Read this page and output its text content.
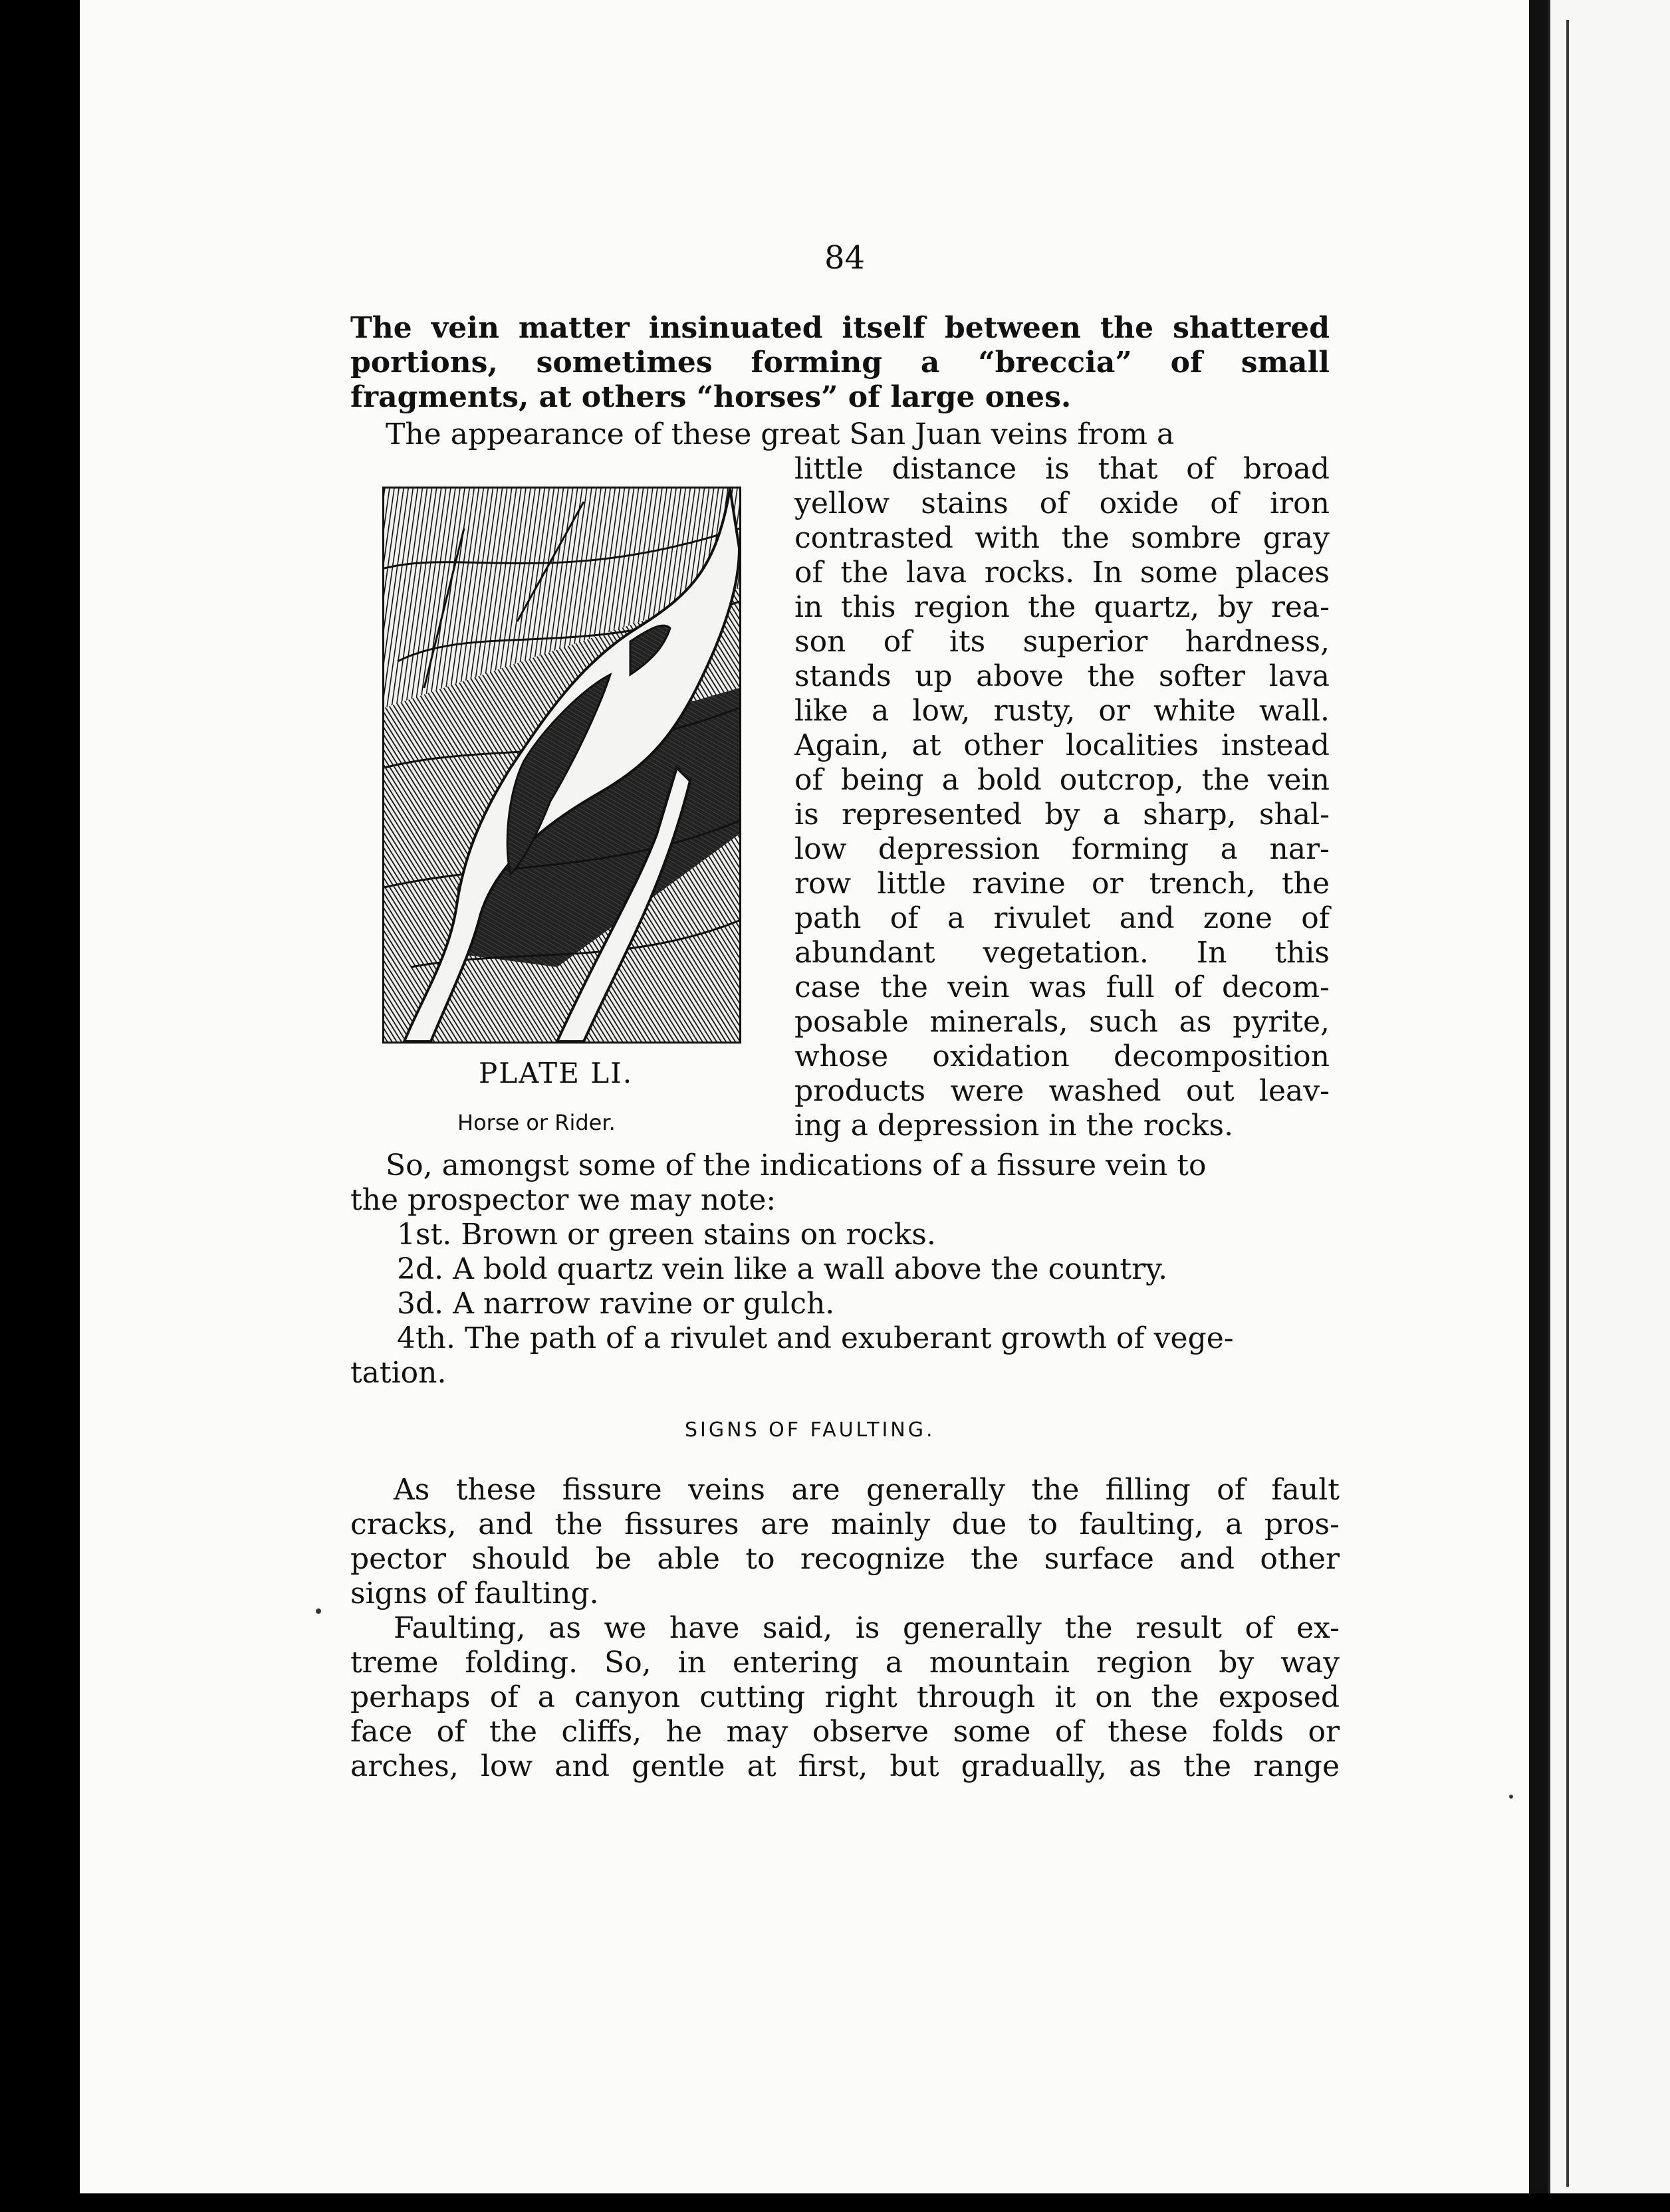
84
The vein matter insinuated itself between the shattered portions, sometimes forming a “breccia” of small fragments, at others “horses” of large ones.
The appearance of these great San Juan veins from a
PLATE LI.
Horse or Rider.
little distance is that of broad
yellow stains of oxide of iron
contrasted with the sombre gray
of the lava rocks. In some places
in this region the quartz, by rea-
son of its superior hardness,
stands up above the softer lava
like a low, rusty, or white wall.
Again, at other localities instead
of being a bold outcrop, the vein
is represented by a sharp, shal-
low depression forming a nar-
row little ravine or trench, the
path of a rivulet and zone of
abundant vegetation. In this
case the vein was full of decom-
posable minerals, such as pyrite,
whose oxidation decomposition
products were washed out leav-
ing a depression in the rocks.
So, amongst some of the indications of a fissure vein to
the prospector we may note:
1st. Brown or green stains on rocks.
2d. A bold quartz vein like a wall above the country.
3d. A narrow ravine or gulch.
4th. The path of a rivulet and exuberant growth of vege-
tation.
SIGNS OF FAULTING.
As these fissure veins are generally the filling of fault
cracks, and the fissures are mainly due to faulting, a pros-
pector should be able to recognize the surface and other
signs of faulting.
Faulting, as we have said, is generally the result of ex-
treme folding. So, in entering a mountain region by way
perhaps of a canyon cutting right through it on the exposed
face of the cliffs, he may observe some of these folds or
arches, low and gentle at first, but gradually, as the range
